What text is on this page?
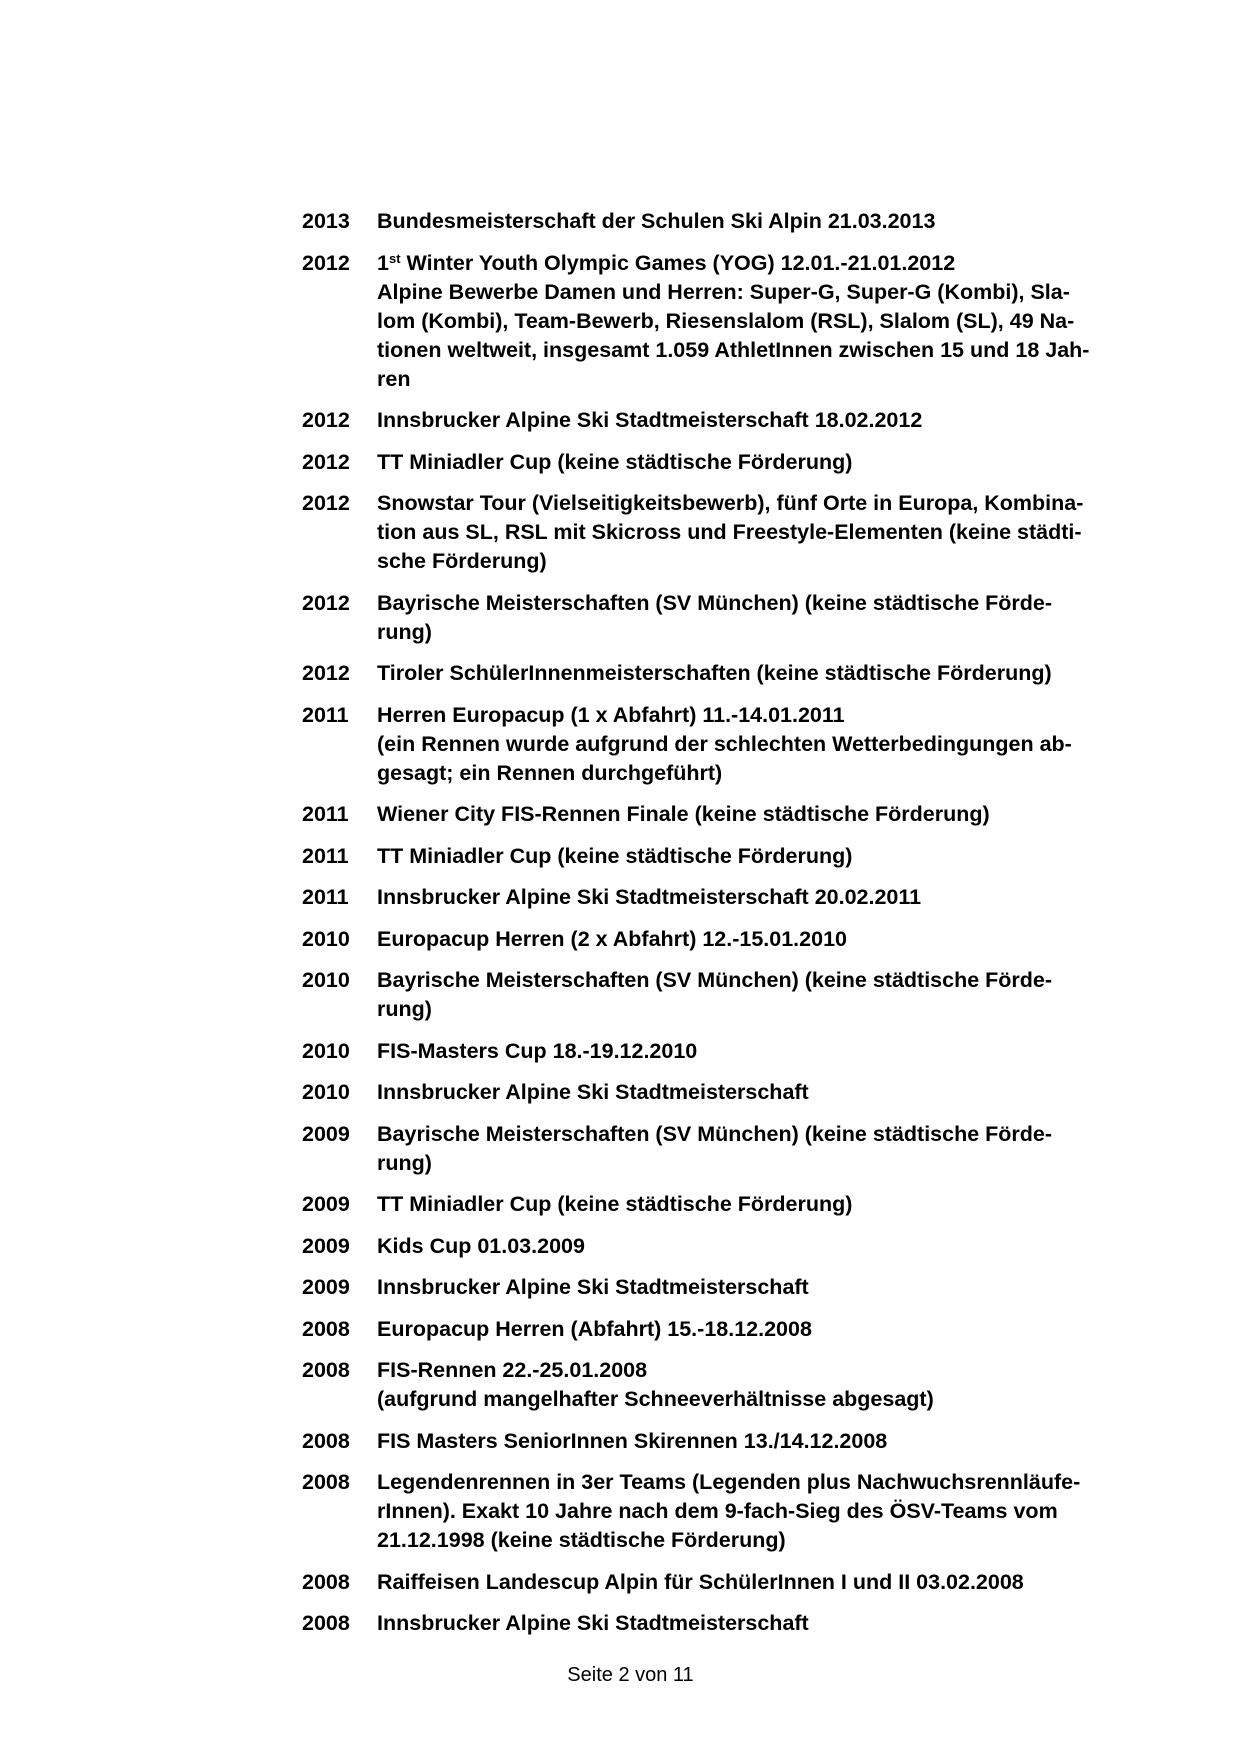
2013	Bundesmeisterschaft der Schulen Ski Alpin 21.03.2013
2012	1st Winter Youth Olympic Games (YOG) 12.01.-21.01.2012
Alpine Bewerbe Damen und Herren: Super-G, Super-G (Kombi), Sla-
lom (Kombi), Team-Bewerb, Riesenslalom (RSL), Slalom (SL), 49 Na-
tionen weltweit, insgesamt 1.059 AthletInnen zwischen 15 und 18 Jah-
ren
2012	Innsbrucker Alpine Ski Stadtmeisterschaft 18.02.2012
2012	TT Miniadler Cup (keine städtische Förderung)
2012	Snowstar Tour (Vielseitigkeitsbewerb), fünf Orte in Europa, Kombina-
tion aus SL, RSL mit Skicross und Freestyle-Elementen (keine städti-
sche Förderung)
2012	Bayrische Meisterschaften (SV München) (keine städtische Förde-
rung)
2012	Tiroler SchülerInnenmeisterschaften (keine städtische Förderung)
2011	Herren Europacup (1 x Abfahrt) 11.-14.01.2011
(ein Rennen wurde aufgrund der schlechten Wetterbedingungen ab-
gesagt; ein Rennen durchgeführt)
2011	Wiener City FIS-Rennen Finale (keine städtische Förderung)
2011	TT Miniadler Cup (keine städtische Förderung)
2011	Innsbrucker Alpine Ski Stadtmeisterschaft 20.02.2011
2010	Europacup Herren (2 x Abfahrt) 12.-15.01.2010
2010	Bayrische Meisterschaften (SV München) (keine städtische Förde-
rung)
2010	FIS-Masters Cup 18.-19.12.2010
2010	Innsbrucker Alpine Ski Stadtmeisterschaft
2009	Bayrische Meisterschaften (SV München) (keine städtische Förde-
rung)
2009	TT Miniadler Cup (keine städtische Förderung)
2009	Kids Cup 01.03.2009
2009	Innsbrucker Alpine Ski Stadtmeisterschaft
2008	Europacup Herren (Abfahrt) 15.-18.12.2008
2008	FIS-Rennen 22.-25.01.2008
(aufgrund mangelhafter Schneeverhältnisse abgesagt)
2008	FIS Masters SeniorInnen Skirennen 13./14.12.2008
2008	Legendenrennen in 3er Teams (Legenden plus Nachwuchsrennläufe-
rInnen). Exakt 10 Jahre nach dem 9-fach-Sieg des ÖSV-Teams vom
21.12.1998 (keine städtische Förderung)
2008	Raiffeisen Landescup Alpin für SchülerInnen I und II 03.02.2008
2008	Innsbrucker Alpine Ski Stadtmeisterschaft
Seite 2 von 11
